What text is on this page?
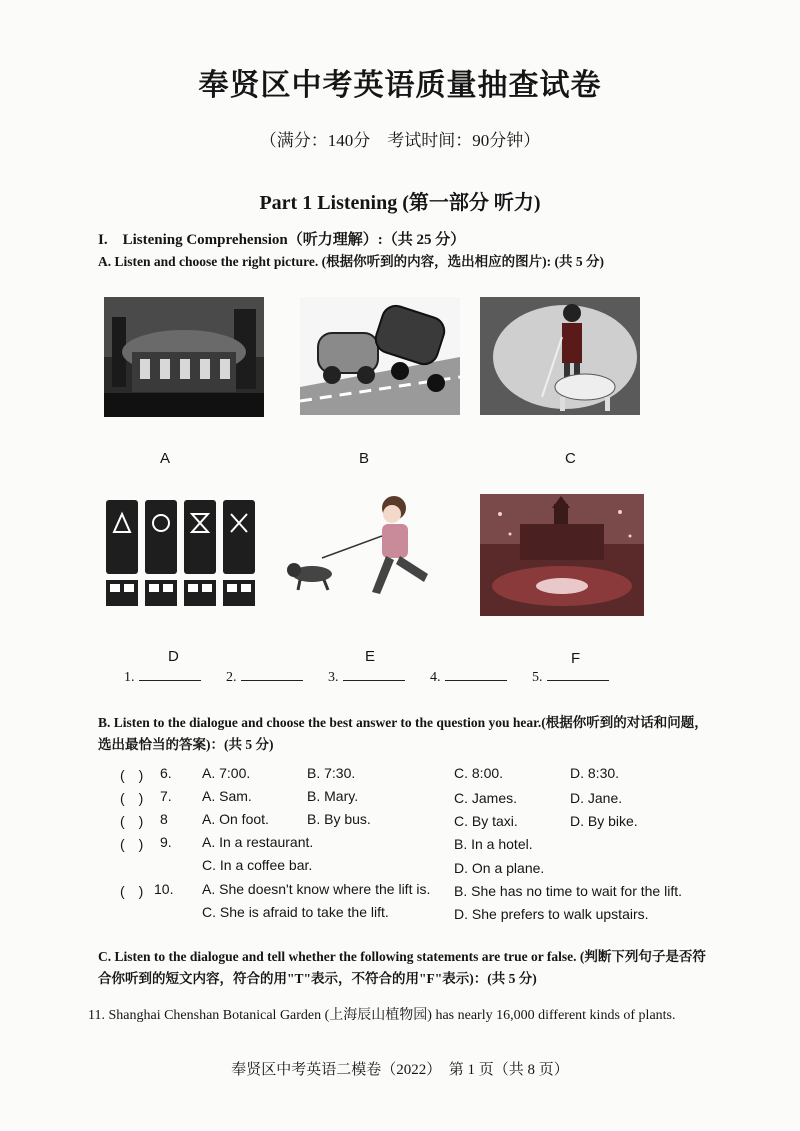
奉贤区中考英语质量抽查试卷
（满分：140分　考试时间：90分钟）
Part 1 Listening (第一部分 听力)
I.　Listening Comprehension（听力理解）:（共 25 分）
A. Listen and choose the right picture. (根据你听到的内容，选出相应的图片): (共 5 分)
A	B	C
D	E	F
1.	2.	3.	4.	5.
B. Listen to the dialogue and choose the best answer to the question you hear.(根据你听到的对话和问题，选出最恰当的答案)：(共 5 分)
(　) 6. A. 7:00.	B. 7:30.	C. 8:00.	D. 8:30.
(　) 7. A. Sam.	B. Mary.	C. James.	D. Jane.
(　) 8 A. On foot.	B. By bus.	C. By taxi.	D. By bike.
(　) 9. A. In a restaurant.	B. In a hotel.
C. In a coffee bar.	D. On a plane.
(　) 10. A. She doesn't know where the lift is. B. She has no time to wait for the lift.
C. She is afraid to take the lift.	D. She prefers to walk upstairs.
C. Listen to the dialogue and tell whether the following statements are true or false. (判断下列句子是否符合你听到的短文内容，符合的用"T"表示，不符合的用"F"表示)：(共 5 分)
11. Shanghai Chenshan Botanical Garden (上海辰山植物园) has nearly 16,000 different kinds of plants.
奉贤区中考英语二模卷（2022）　第 1 页（共 8 页）
